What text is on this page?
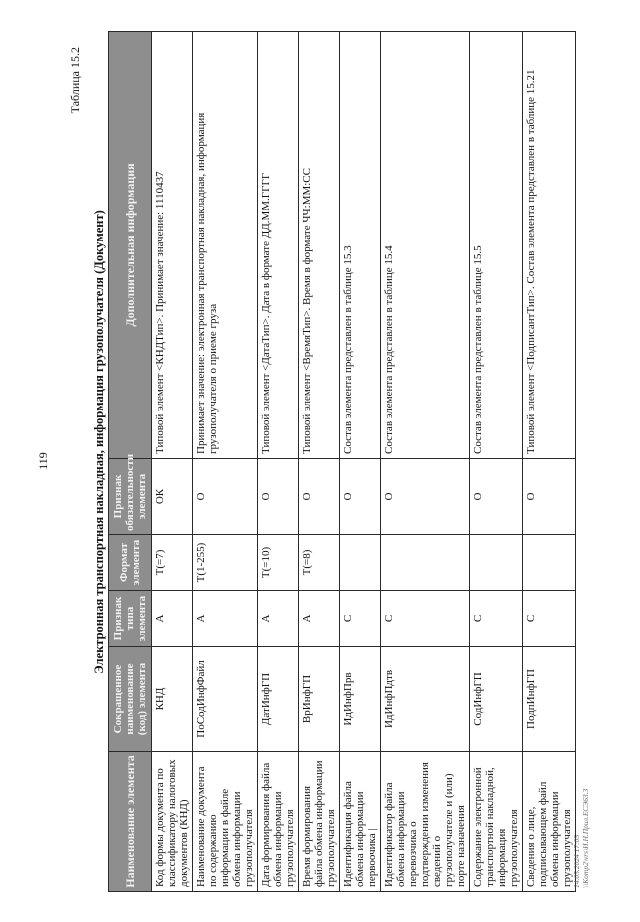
119
Таблица 15.2
Электронная транспортная накладная, информация грузополучателя (Документ)
Наименование элемента	Сокращенное наименование (код) элемента	Признак типа элемента	Формат элемента	Признак обязательности элемента	Дополнительная информация
Код формы документа по классификатору налоговых документов (КНД)	КНД	А	Т(=7)	ОК	Типовой элемент <КНДТип>. Принимает значение: 1110437
Наименование документа по содержанию информации в файле обмена информации грузополучателя	ПоСодИнфФайл	А	Т(1-255)	О	Принимает значение: электронная транспортная накладная, информация грузополучателя о приеме груза
Дата формирования файла обмена информации грузополучателя	ДатИнфГП	А	Т(=10)	О	Типовой элемент <ДатаТип>. Дата в формате ДД.ММ.ГГГГ
Время формирования файла обмена информации грузополучателя	ВрИнфГП	А	Т(=8)	О	Типовой элемент <ВремяТип>. Время в формате ЧЧ:ММ:СС
Идентификация файла обмена информации первоочика |	ИдИнфПрв	С		О	Состав элемента представлен в таблице 15.3
Идентификатор файла обмена информации перевозчика о подтверждении изменения сведений о грузополучателе и (или) порте назначения	ИдИнфПдтв	С		О	Состав элемента представлен в таблице 15.4
Содержание электронной транспортной накладной, информация грузополучателя	СодИнфГП	С		О	Состав элемента представлен в таблице 15.5
Сведения о лице, подписывающем файл обмена информации грузополучателя	ПодпИнфГП	С		О	Типовой элемент <ПодписантТип>. Состав элемента представлен в таблице 15.21
14.05.2024 17:05 \\Komp2\vrs\И.Н.Прил.ЕСЭ63.3
